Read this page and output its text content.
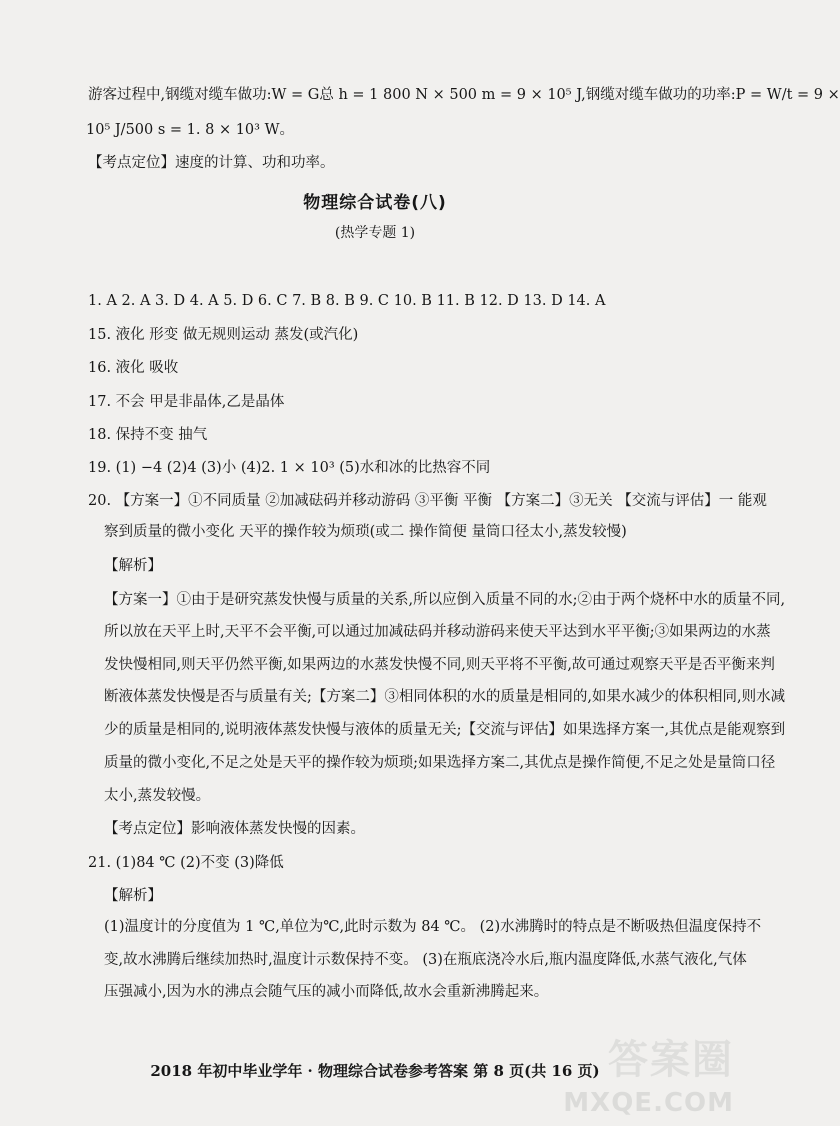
游客过程中,钢缆对缆车做功:W = G总 h = 1 800 N × 500 m = 9 × 10⁵ J,钢缆对缆车做功的功率:P = W/t = 9 ×
10⁵ J/500 s = 1. 8 × 10³ W。
【考点定位】速度的计算、功和功率。
物理综合试卷(八)
(热学专题 1)
1. A 2. A 3. D 4. A 5. D 6. C 7. B 8. B 9. C 10. B 11. B 12. D 13. D 14. A
15. 液化 形变 做无规则运动 蒸发(或汽化)
16. 液化 吸收
17. 不会 甲是非晶体,乙是晶体
18. 保持不变 抽气
19. (1) −4 (2)4 (3)小 (4)2. 1 × 10³ (5)水和冰的比热容不同
20. 【方案一】①不同质量 ②加减砝码并移动游码 ③平衡 平衡 【方案二】③无关 【交流与评估】一 能观
察到质量的微小变化 天平的操作较为烦琐(或二 操作简便 量筒口径太小,蒸发较慢)
【解析】
【方案一】①由于是研究蒸发快慢与质量的关系,所以应倒入质量不同的水;②由于两个烧杯中水的质量不同,
所以放在天平上时,天平不会平衡,可以通过加减砝码并移动游码来使天平达到水平平衡;③如果两边的水蒸
发快慢相同,则天平仍然平衡,如果两边的水蒸发快慢不同,则天平将不平衡,故可通过观察天平是否平衡来判
断液体蒸发快慢是否与质量有关;【方案二】③相同体积的水的质量是相同的,如果水减少的体积相同,则水减
少的质量是相同的,说明液体蒸发快慢与液体的质量无关;【交流与评估】如果选择方案一,其优点是能观察到
质量的微小变化,不足之处是天平的操作较为烦琐;如果选择方案二,其优点是操作简便,不足之处是量筒口径
太小,蒸发较慢。
【考点定位】影响液体蒸发快慢的因素。
21. (1)84 ℃ (2)不变 (3)降低
【解析】
(1)温度计的分度值为 1 ℃,单位为℃,此时示数为 84 ℃。 (2)水沸腾时的特点是不断吸热但温度保持不
变,故水沸腾后继续加热时,温度计示数保持不变。 (3)在瓶底浇冷水后,瓶内温度降低,水蒸气液化,气体
压强减小,因为水的沸点会随气压的减小而降低,故水会重新沸腾起来。
2018 年初中毕业学年 · 物理综合试卷参考答案 第 8 页(共 16 页) 答案圈
MXQE.COM
